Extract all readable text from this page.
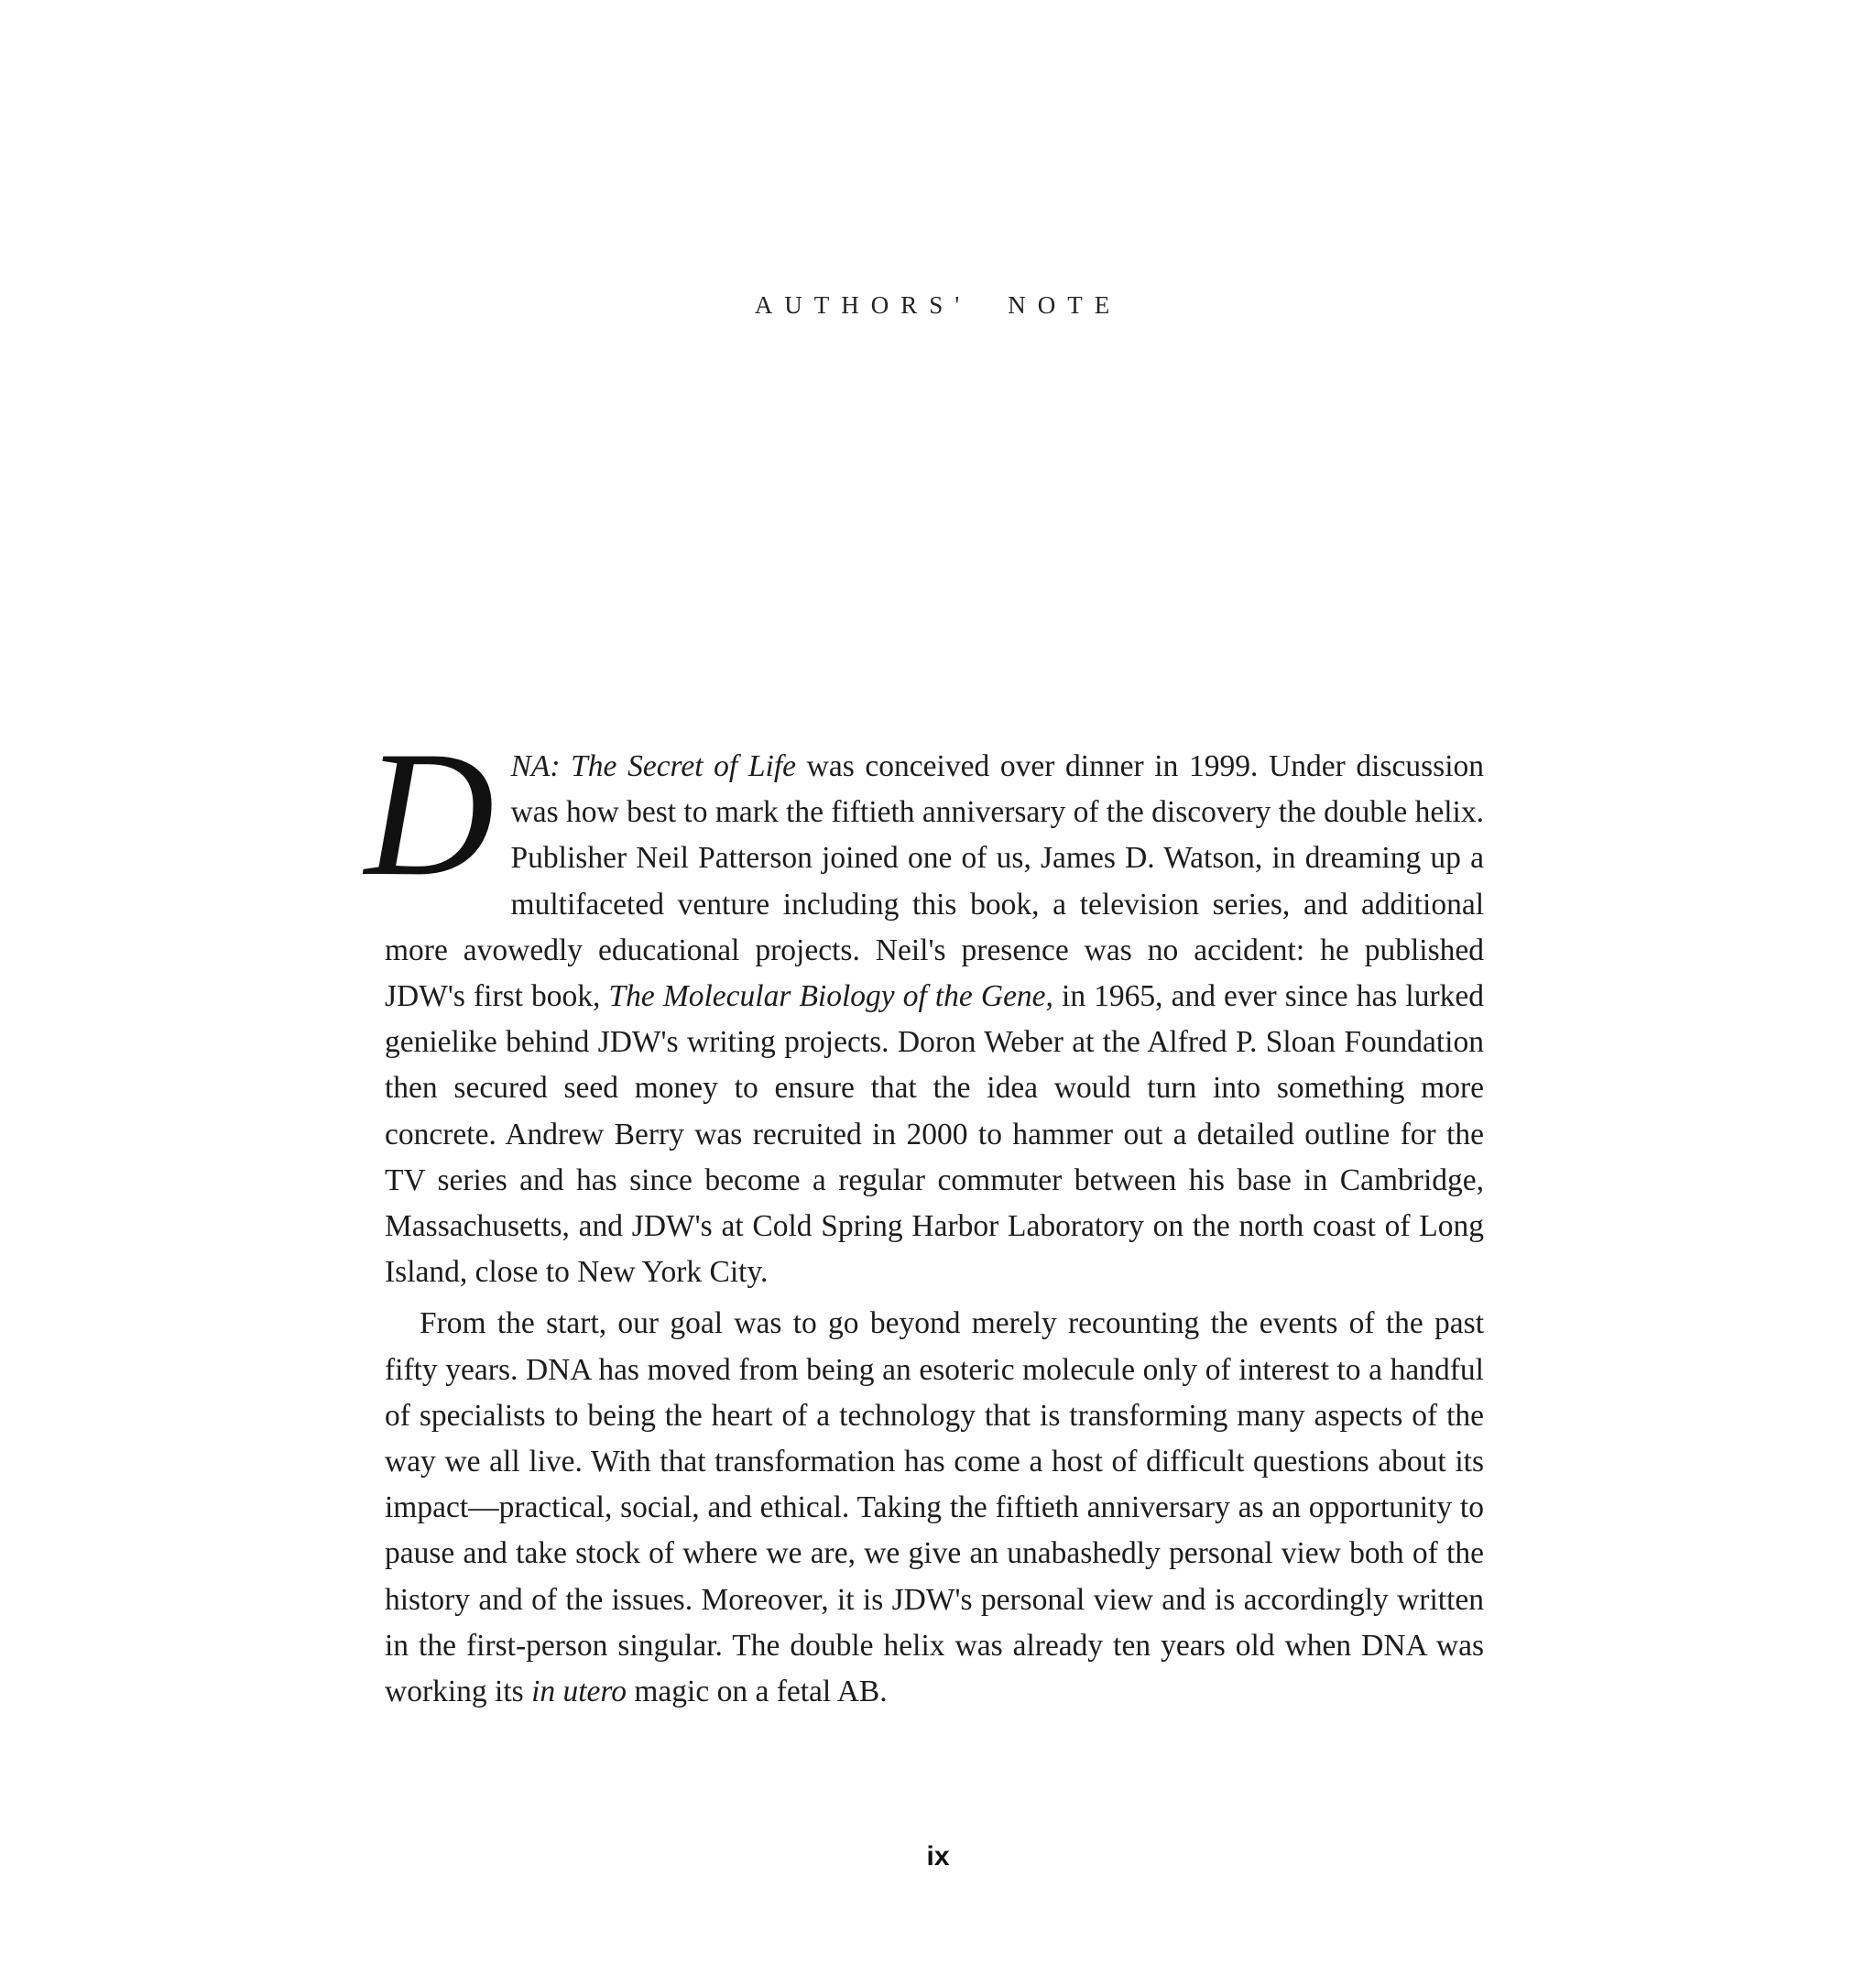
AUTHORS' NOTE

DNA: The Secret of Life was conceived over dinner in 1999. Under discussion was how best to mark the fiftieth anniversary of the discovery the double helix. Publisher Neil Patterson joined one of us, James D. Watson, in dreaming up a multifaceted venture including this book, a television series, and additional more avowedly educational projects. Neil's presence was no accident: he published JDW's first book, The Molecular Biology of the Gene, in 1965, and ever since has lurked genielike behind JDW's writing projects. Doron Weber at the Alfred P. Sloan Foundation then secured seed money to ensure that the idea would turn into something more concrete. Andrew Berry was recruited in 2000 to hammer out a detailed outline for the TV series and has since become a regular commuter between his base in Cambridge, Massachusetts, and JDW's at Cold Spring Harbor Laboratory on the north coast of Long Island, close to New York City.

From the start, our goal was to go beyond merely recounting the events of the past fifty years. DNA has moved from being an esoteric molecule only of interest to a handful of specialists to being the heart of a technology that is transforming many aspects of the way we all live. With that transformation has come a host of difficult questions about its impact—practical, social, and ethical. Taking the fiftieth anniversary as an opportunity to pause and take stock of where we are, we give an unabashedly personal view both of the history and of the issues. Moreover, it is JDW's personal view and is accordingly written in the first-person singular. The double helix was already ten years old when DNA was working its in utero magic on a fetal AB.

ix
